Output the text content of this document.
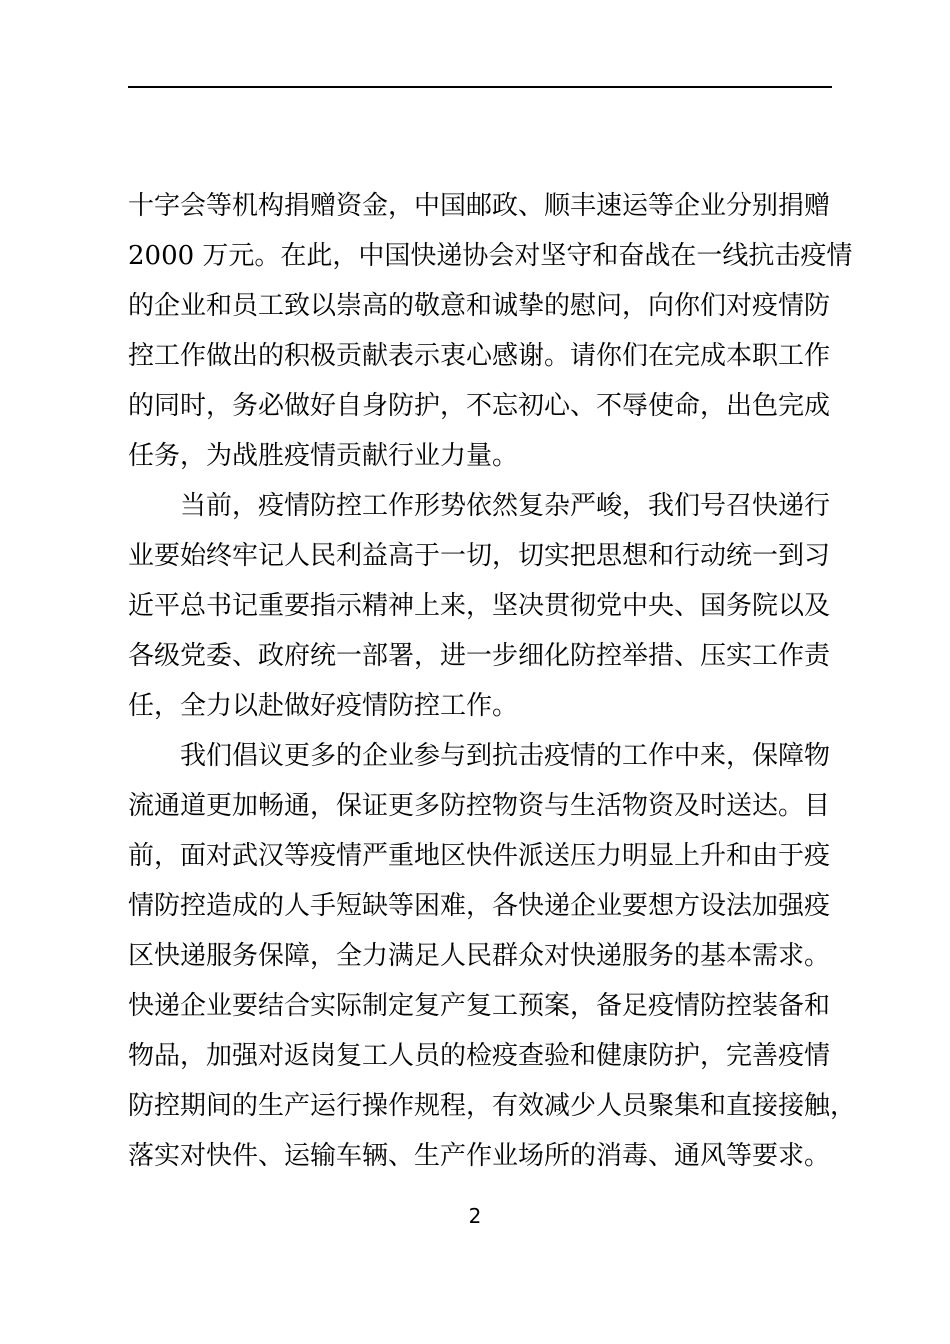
十字会等机构捐赠资金，中国邮政、顺丰速运等企业分别捐赠
2000 万元。在此，中国快递协会对坚守和奋战在一线抗击疫情
的企业和员工致以崇高的敬意和诚挚的慰问，向你们对疫情防
控工作做出的积极贡献表示衷心感谢。请你们在完成本职工作
的同时，务必做好自身防护，不忘初心、不辱使命，出色完成
任务，为战胜疫情贡献行业力量。
当前，疫情防控工作形势依然复杂严峻，我们号召快递行
业要始终牢记人民利益高于一切，切实把思想和行动统一到习
近平总书记重要指示精神上来，坚决贯彻党中央、国务院以及
各级党委、政府统一部署，进一步细化防控举措、压实工作责
任，全力以赴做好疫情防控工作。
我们倡议更多的企业参与到抗击疫情的工作中来，保障物
流通道更加畅通，保证更多防控物资与生活物资及时送达。目
前，面对武汉等疫情严重地区快件派送压力明显上升和由于疫
情防控造成的人手短缺等困难，各快递企业要想方设法加强疫
区快递服务保障，全力满足人民群众对快递服务的基本需求。
快递企业要结合实际制定复产复工预案，备足疫情防控装备和
物品，加强对返岗复工人员的检疫查验和健康防护，完善疫情
防控期间的生产运行操作规程，有效减少人员聚集和直接接触，
落实对快件、运输车辆、生产作业场所的消毒、通风等要求。
2
